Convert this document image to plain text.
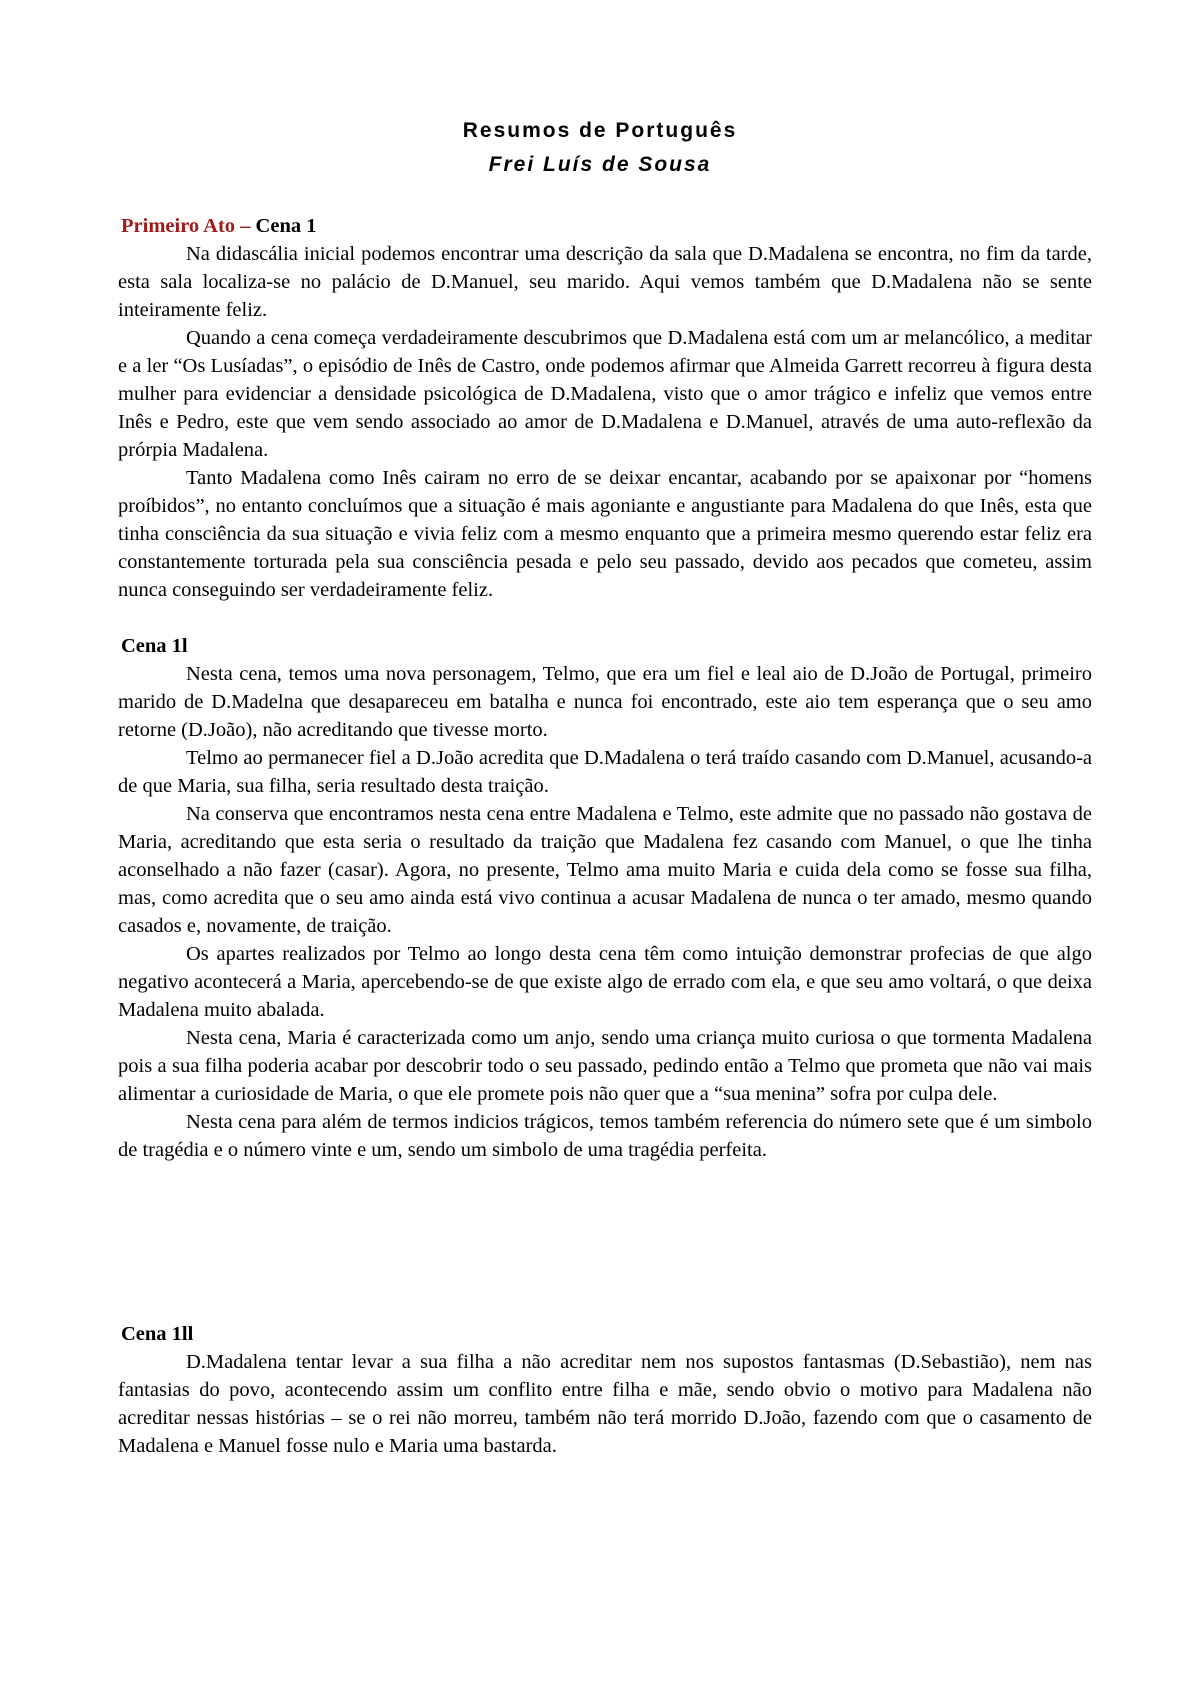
Resumos de Português
Frei Luís de Sousa
Primeiro Ato – Cena 1

Na didascália inicial podemos encontrar uma descrição da sala que D.Madalena se encontra, no fim da tarde, esta sala localiza-se no palácio de D.Manuel, seu marido. Aqui vemos também que D.Madalena não se sente inteiramente feliz.

Quando a cena começa verdadeiramente descubrimos que D.Madalena está com um ar melancólico, a meditar e a ler “Os Lusíadas”, o episódio de Inês de Castro, onde podemos afirmar que Almeida Garrett recorreu à figura desta mulher para evidenciar a densidade psicológica de D.Madalena, visto que o amor trágico e infeliz que vemos entre Inês e Pedro, este que vem sendo associado ao amor de D.Madalena e D.Manuel, através de uma auto-reflexão da prórpia Madalena.

Tanto Madalena como Inês cairam no erro de se deixar encantar, acabando por se apaixonar por “homens proíbidos”, no entanto concluímos que a situação é mais agoniante e angustiante para Madalena do que Inês, esta que tinha consciência da sua situação e vivia feliz com a mesmo enquanto que a primeira mesmo querendo estar feliz era constantemente torturada pela sua consciência pesada e pelo seu passado, devido aos pecados que cometeu, assim nunca conseguindo ser verdadeiramente feliz.

Cena 1l

Nesta cena, temos uma nova personagem, Telmo, que era um fiel e leal aio de D.João de Portugal, primeiro marido de D.Madelna que desapareceu em batalha e nunca foi encontrado, este aio tem esperança que o seu amo retorne (D.João), não acreditando que tivesse morto.

Telmo ao permanecer fiel a D.João acredita que D.Madalena o terá traído casando com D.Manuel, acusando-a de que Maria, sua filha, seria resultado desta traição.

Na conserva que encontramos nesta cena entre Madalena e Telmo, este admite que no passado não gostava de Maria, acreditando que esta seria o resultado da traição que Madalena fez casando com Manuel, o que lhe tinha aconselhado a não fazer (casar). Agora, no presente, Telmo ama muito Maria e cuida dela como se fosse sua filha, mas, como acredita que o seu amo ainda está vivo continua a acusar Madalena de nunca o ter amado, mesmo quando casados e, novamente, de traição.

Os apartes realizados por Telmo ao longo desta cena têm como intuição demonstrar profecias de que algo negativo acontecerá a Maria, apercebendo-se de que existe algo de errado com ela, e que seu amo voltará, o que deixa Madalena muito abalada.

Nesta cena, Maria é caracterizada como um anjo, sendo uma criança muito curiosa o que tormenta Madalena pois a sua filha poderia acabar por descobrir todo o seu passado, pedindo então a Telmo que prometa que não vai mais alimentar a curiosidade de Maria, o que ele promete pois não quer que a “sua menina” sofra por culpa dele.

Nesta cena para além de termos indicios trágicos, temos também referencia do número sete que é um simbolo de tragédia e o número vinte e um, sendo um simbolo de uma tragédia perfeita.

Cena 1ll

D.Madalena tentar levar a sua filha a não acreditar nem nos supostos fantasmas (D.Sebastião), nem nas fantasias do povo, acontecendo assim um conflito entre filha e mãe, sendo obvio o motivo para Madalena não acreditar nessas histórias – se o rei não morreu, também não terá morrido D.João, fazendo com que o casamento de Madalena e Manuel fosse nulo e Maria uma bastarda.
